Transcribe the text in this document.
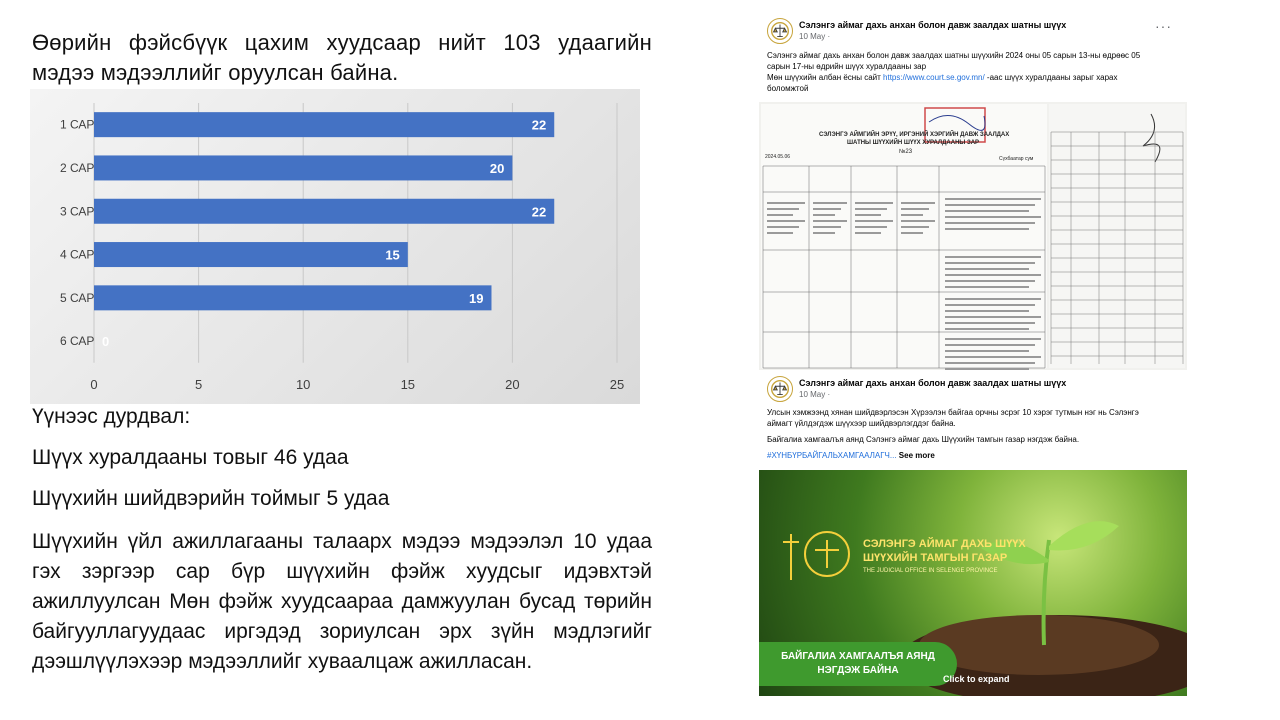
Өөрийн фэйсбүүк цахим хуудсаар нийт 103 удаагийн мэдээ мэдээллийг оруулсан байна.
0	5	10	15	20	25
1 САР	22
2 САР	20
3 САР	22
4 САР	15
5 САР	19
6 САР 0
Үүнээс дурдвал:
Шүүх хуралдааны товыг 46 удаа
Шүүхийн шийдвэрийн тоймыг 5 удаа
Шүүхийн үйл ажиллагааны талаарх мэдээ мэдээлэл 10 удаа гэх зэргээр сар бүр шүүхийн фэйж хуудсыг идэвхтэй ажиллуулсан Мөн фэйж хуудсаараа дамжуулан бусад төрийн байгууллагуудаас иргэдэд зориулсан эрх зүйн мэдлэгийг дээшлүүлэхээр мэдээллийг хуваалцаж ажилласан.
Сэлэнгэ аймаг дахь анхан болон давж заалдах шатны шүүх
10 May ·
···
Сэлэнгэ аймаг дахь анхан болон давж заалдах шатны шүүхийн 2024 оны 05 сарын 13-ны өдрөөс 05
сарын 17-ны өдрийн шүүх хуралдааны зар
Мөн шүүхийн албан ёсны сайт https://www.court.se.gov.mn/ -аас шүүх хуралдааны зарыг харах
боломжтой
СЭЛЭНГЭ АЙМГИЙН ЭРҮҮ, ИРГЭНИЙ ХЭРГИЙН ДАВЖ ЗААЛДАХ
ШАТНЫ ШҮҮХИЙН ШҮҮХ ХУРАЛДААНЫ ЗАР
№23
2024.05.06	Сүхбаатар сум
Сэлэнгэ аймаг дахь анхан болон давж заалдах шатны шүүх
10 May ·
Улсын хэмжээнд хянан шийдвэрлэсэн Хүрээлэн байгаа орчны эсрэг 10 хэрэг тутмын нэг нь Сэлэнгэ
аймагт үйлдэгдэж шүүхээр шийдвэрлэгддэг байна.
Байгалиа хамгаалъя аянд Сэлэнгэ аймаг дахь Шүүхийн тамгын газар нэгдэж байна.
#ХҮНБҮРБАЙГАЛЬХАМГААЛАГЧ... See more
СЭЛЭНГЭ АЙМАГ ДАХЬ ШҮҮХ
ШҮҮХИЙН ТАМГЫН ГАЗАР
THE JUDICIAL OFFICE IN SELENGE PROVINCE
БАЙГАЛИА ХАМГААЛЪЯ АЯНД
НЭГДЭЖ БАЙНА
Click to expand
